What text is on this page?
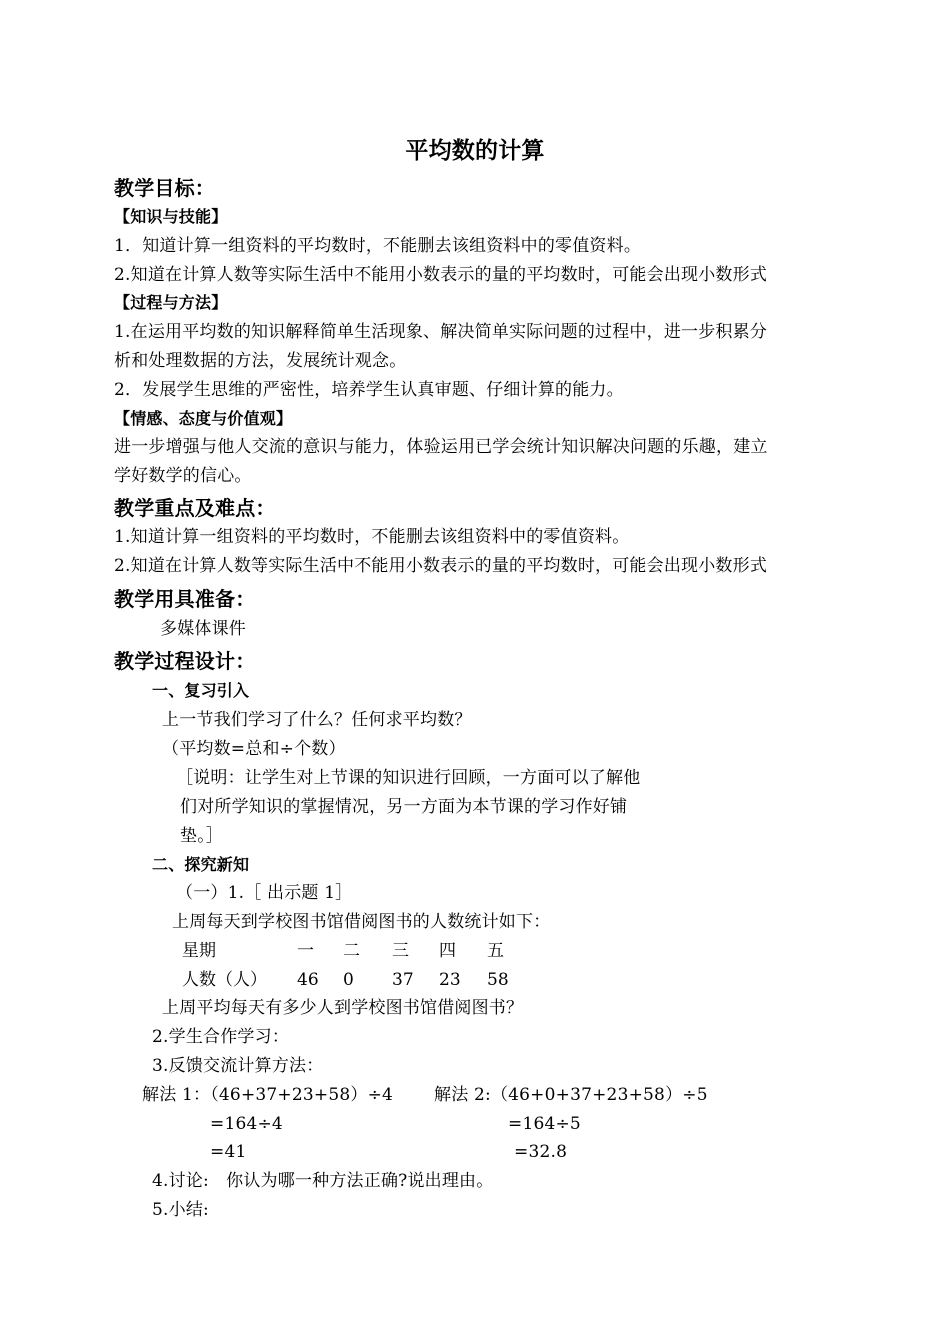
平均数的计算
教学目标：
【知识与技能】
1．知道计算一组资料的平均数时，不能删去该组资料中的零值资料。
2.知道在计算人数等实际生活中不能用小数表示的量的平均数时，可能会出现小数形式
【过程与方法】
1.在运用平均数的知识解释简单生活现象、解决简单实际问题的过程中，进一步积累分
析和处理数据的方法，发展统计观念。
2．发展学生思维的严密性，培养学生认真审题、仔细计算的能力。
【情感、态度与价值观】
进一步增强与他人交流的意识与能力，体验运用已学会统计知识解决问题的乐趣，建立
学好数学的信心。
教学重点及难点：
1.知道计算一组资料的平均数时，不能删去该组资料中的零值资料。
2.知道在计算人数等实际生活中不能用小数表示的量的平均数时，可能会出现小数形式
教学用具准备：
多媒体课件
教学过程设计：
一、复习引入
上一节我们学习了什么？任何求平均数？
（平均数=总和÷个数）
［说明：让学生对上节课的知识进行回顾，一方面可以了解他
们对所学知识的掌握情况，另一方面为本节课的学习作好铺
垫。］
二、探究新知
（一）1.［ 出示题 1］
上周每天到学校图书馆借阅图书的人数统计如下：
星期	一 二 三 四 五
人数（人） 46 0 37 23 58
上周平均每天有多少人到学校图书馆借阅图书？
2.学生合作学习：
3.反馈交流计算方法：
解法 1：（46+37+23+58）÷4
=164÷4
=41
解法 2:（46+0+37+23+58）÷5
=164÷5
=32.8
4.讨论:　你认为哪一种方法正确?说出理由。
5.小结:
